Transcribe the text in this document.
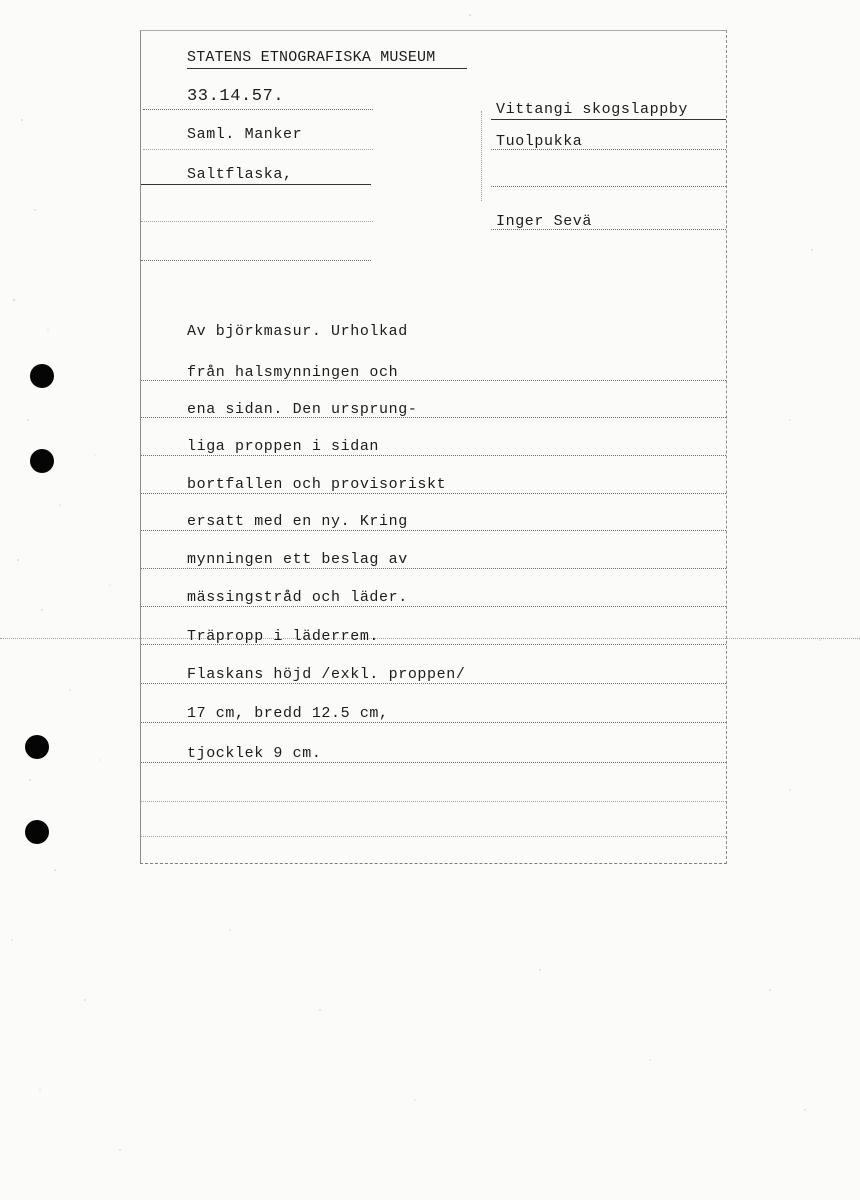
STATENS ETNOGRAFISKA MUSEUM
33.14.57.
Saml. Manker
Saltflaska,
Vittangi skogslappby
Tuolpukka
Inger Sevä
Av björkmasur. Urholkad
från halsmynningen och
ena sidan. Den ursprung-
liga proppen i sidan
bortfallen och provisoriskt
ersatt med en ny. Kring
mynningen ett beslag av
mässingstråd och läder.
Träpropp i läderrem.
Flaskans höjd /exkl. proppen/
17 cm, bredd 12.5 cm,
tjocklek 9 cm.
